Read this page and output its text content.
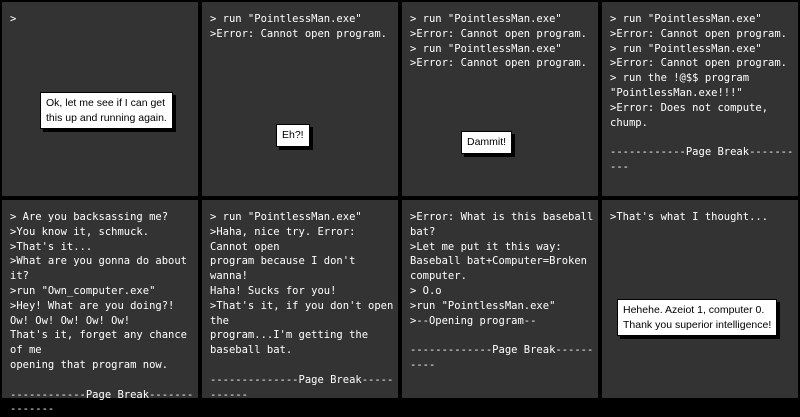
>
Ok, let me see if I can get
this up and running again.
> run "PointlessMan.exe"
>Error: Cannot open program.
Eh?!
> run "PointlessMan.exe"
>Error: Cannot open program.
> run "PointlessMan.exe"
>Error: Cannot open program.
Dammit!
> run "PointlessMan.exe"
>Error: Cannot open program.
> run "PointlessMan.exe"
>Error: Cannot open program.
> run the !@$$ program
"PointlessMan.exe!!!"
>Error: Does not compute,
chump.

------------Page Break----------
> Are you backsassing me?
>You know it, schmuck.
>That's it...
>What are you gonna do about it?
>run "Own_computer.exe"
>Hey! What are you doing?!
Ow! Ow! Ow! Ow! Ow!
That's it, forget any chance of me
opening that program now.

------------Page Break--------------
> run "PointlessMan.exe"
>Haha, nice try. Error: Cannot open
program because I don't wanna!
Haha! Sucks for you!
>That's it, if you don't open the
program...I'm getting the baseball bat.

--------------Page Break-----------
>Error: What is this baseball bat?
>Let me put it this way:
Baseball bat+Computer=Broken
computer.
> O.o
>run "PointlessMan.exe"
>--Opening program--

-------------Page Break----------
>That's what I thought...
Hehehe. Azeiot 1, computer 0.
Thank you superior intelligence!
